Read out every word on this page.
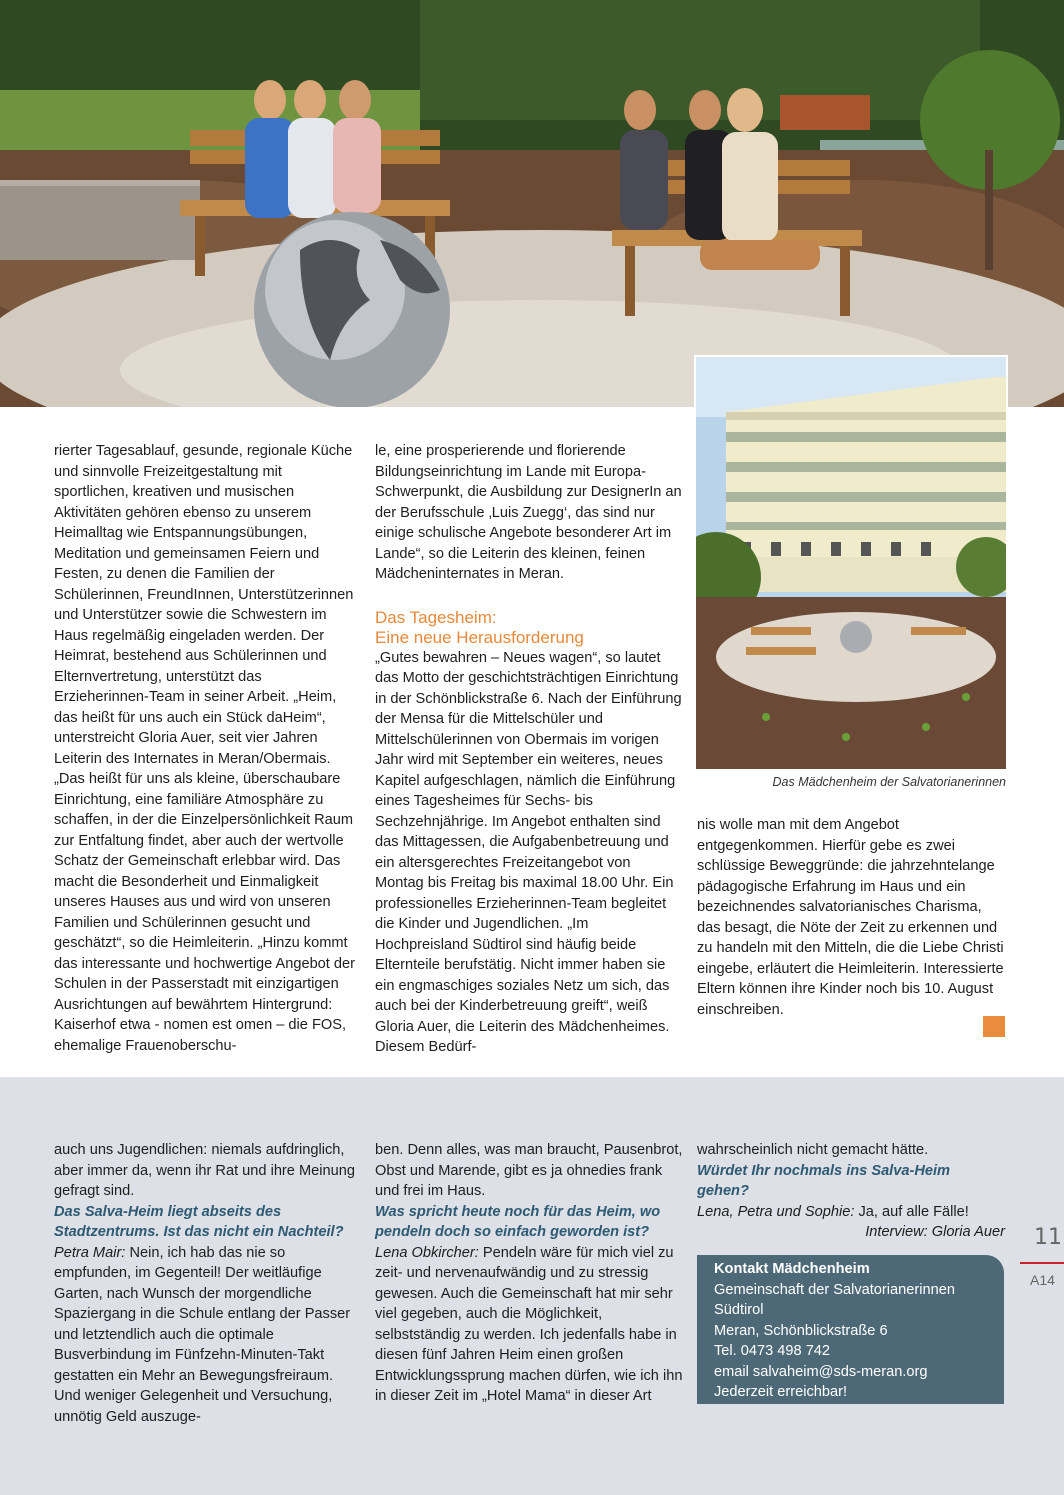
Das Mädchenheim der Salvatorianerinnen

rierter Tagesablauf, gesunde, regionale Küche und sinnvolle Freizeitgestaltung mit sportlichen, kreativen und musischen Aktivitäten gehören ebenso zu unserem Heimalltag wie Entspannungsübungen, Meditation und gemeinsamen Feiern und Festen, zu denen die Familien der Schülerinnen, FreundInnen, Unterstützerinnen und Unterstützer sowie die Schwestern im Haus regelmäßig eingeladen werden. Der Heimrat, bestehend aus Schülerinnen und Elternvertretung, unterstützt das Erzieherinnen-Team in seiner Arbeit. „Heim, das heißt für uns auch ein Stück daHeim“, unterstreicht Gloria Auer, seit vier Jahren Leiterin des Internates in Meran/Obermais. „Das heißt für uns als kleine, überschaubare Einrichtung, eine familiäre Atmosphäre zu schaffen, in der die Einzelpersönlichkeit Raum zur Entfaltung findet, aber auch der wertvolle Schatz der Gemeinschaft erlebbar wird. Das macht die Besonderheit und Einmaligkeit unseres Hauses aus und wird von unseren Familien und Schülerinnen gesucht und geschätzt“, so die Heimleiterin. „Hinzu kommt das interessante und hochwertige Angebot der Schulen in der Passerstadt mit einzigartigen Ausrichtungen auf bewährtem Hintergrund: Kaiserhof etwa - nomen est omen – die FOS, ehemalige Frauenoberschu-

le, eine prosperierende und florierende Bildungseinrichtung im Lande mit Europa-Schwerpunkt, die Ausbildung zur DesignerIn an der Berufsschule ‚Luis Zuegg‘, das sind nur einige schulische Angebote besonderer Art im Lande“, so die Leiterin des kleinen, feinen Mädcheninternates in Meran.

Das Tagesheim:
Eine neue Herausforderung

„Gutes bewahren – Neues wagen“, so lautet das Motto der geschichtsträchtigen Einrichtung in der Schönblickstraße 6. Nach der Einführung der Mensa für die Mittelschüler und Mittelschülerinnen von Obermais im vorigen Jahr wird mit September ein weiteres, neues Kapitel aufgeschlagen, nämlich die Einführung eines Tagesheimes für Sechs- bis Sechzehnjährige. Im Angebot enthalten sind das Mittagessen, die Aufgabenbetreuung und ein altersgerechtes Freizeitangebot von Montag bis Freitag bis maximal 18.00 Uhr. Ein professionelles Erzieherinnen-Team begleitet die Kinder und Jugendlichen. „Im Hochpreisland Südtirol sind häufig beide Elternteile berufstätig. Nicht immer haben sie ein engmaschiges soziales Netz um sich, das auch bei der Kinderbetreuung greift“, weiß Gloria Auer, die Leiterin des Mädchenheimes. Diesem Bedürf-

nis wolle man mit dem Angebot entgegenkommen. Hierfür gebe es zwei schlüssige Beweggründe: die jahrzehntelange pädagogische Erfahrung im Haus und ein bezeichnendes salvatorianisches Charisma, das besagt, die Nöte der Zeit zu erkennen und zu handeln mit den Mitteln, die die Liebe Christi eingebe, erläutert die Heimleiterin. Interessierte Eltern können ihre Kinder noch bis 10. August einschreiben.

auch uns Jugendlichen: niemals aufdringlich, aber immer da, wenn ihr Rat und ihre Meinung gefragt sind.

Das Salva-Heim liegt abseits des Stadtzentrums. Ist das nicht ein Nachteil?

Petra Mair: Nein, ich hab das nie so empfunden, im Gegenteil! Der weitläufige Garten, nach Wunsch der morgendliche Spaziergang in die Schule entlang der Passer und letztendlich auch die optimale Busverbindung im Fünfzehn-Minuten-Takt gestatten ein Mehr an Bewegungsfreiraum. Und weniger Gelegenheit und Versuchung, unnötig Geld auszuge-

ben. Denn alles, was man braucht, Pausenbrot, Obst und Marende, gibt es ja ohnedies frank und frei im Haus.

Was spricht heute noch für das Heim, wo pendeln doch so einfach geworden ist?

Lena Obkircher: Pendeln wäre für mich viel zu zeit- und nervenaufwändig und zu stressig gewesen. Auch die Gemeinschaft hat mir sehr viel gegeben, auch die Möglichkeit, selbstständig zu werden. Ich jedenfalls habe in diesen fünf Jahren Heim einen großen Entwicklungssprung machen dürfen, wie ich ihn in dieser Zeit im „Hotel Mama“ in dieser Art

wahrscheinlich nicht gemacht hätte.

Würdet Ihr nochmals ins Salva-Heim gehen?

Lena, Petra und Sophie: Ja, auf alle Fälle!

Interview: Gloria Auer

Kontakt Mädchenheim

Gemeinschaft der Salvatorianerinnen

Südtirol

Meran, Schönblickstraße 6

Tel. 0473 498 742

email salvaheim@sds-meran.org

Jederzeit erreichbar!

11
A14
